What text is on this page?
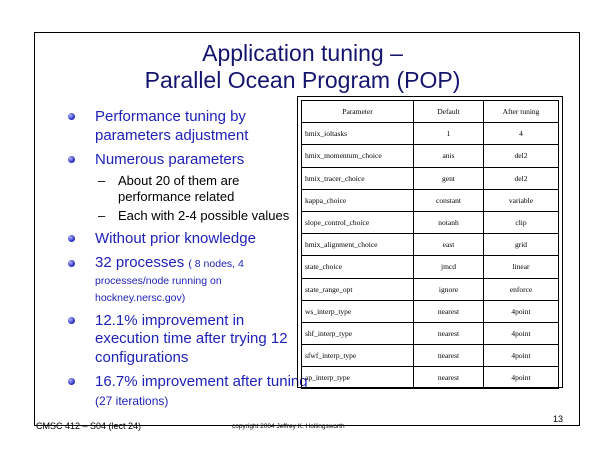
Application tuning –
Parallel Ocean Program (POP)
Performance tuning by parameters adjustment
Numerous parameters
– About 20 of them are performance related
– Each with 2-4 possible values
Without prior knowledge
32 processes ( 8 nodes, 4 processes/node running on hockney.nersc.gov)
12.1% improvement in execution time after trying 12 configurations
16.7% improvement after tuning (27 iterations)
Parameter	Default	After tuning
hmix_ioltasks	1	4
hmix_momentum_choice	anis	del2
hmix_tracer_choice	gent	del2
kappa_choice	constant	variable
slope_control_choice	notanh	clip
hmix_alignment_choice	east	grid
state_choice	jmcd	linear
state_range_opt	ignore	enforce
ws_interp_type	nearest	4point
shf_interp_type	nearest	4point
sfwf_interp_type	nearest	4point
ap_interp_type	nearest	4point
CMSC 412 – S04 (lect 24)	copyright 2004 Jeffrey K. Hollingsworth
13
